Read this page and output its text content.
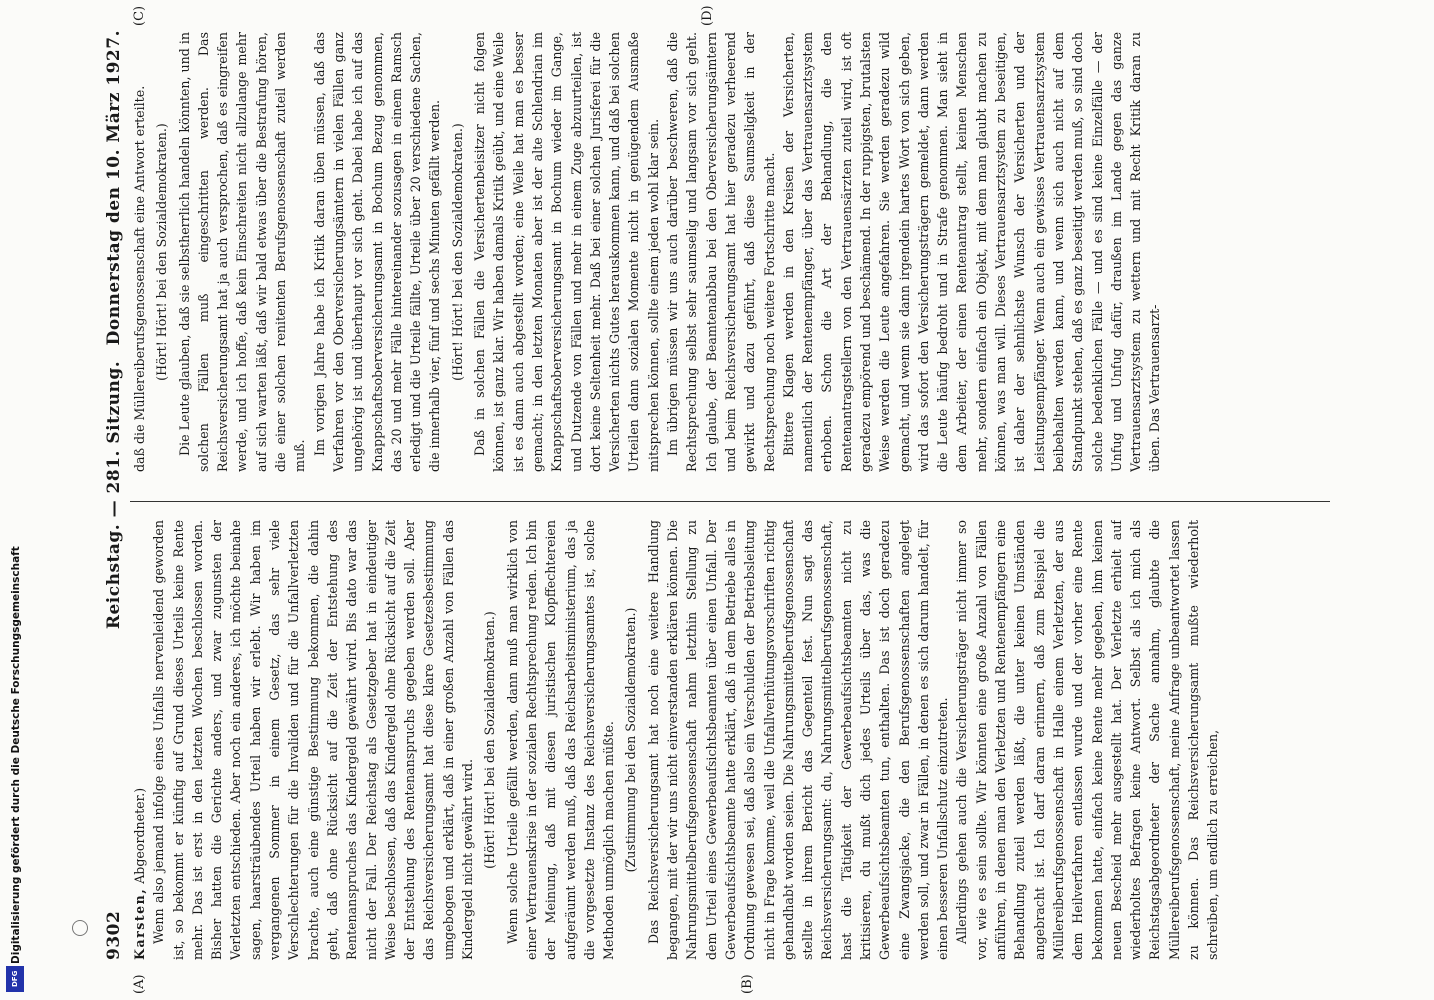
9302
Reichstag. — 281. Sitzung.
Donnerstag den 10. März 1927.
(A)	(B)
(C)	(D)

Karsten, Abgeordneter.) Wenn also jemand infolge eines Unfalls nervenleidend geworden ist, so bekommt er künftig auf Grund dieses Urteils keine Rente mehr. Das ist erst in den letzten Wochen beschlossen worden. Bisher hatten die Gerichte anders, und zwar zugunsten der Verletzten entschieden. Aber noch ein anderes, ich möchte beinahe sagen, haarsträubendes Urteil haben wir erlebt. Wir haben im vergangenen Sommer in einem Gesetz, das sehr viele Verschlechterungen für die Invaliden und für die Unfallverletzten brachte, auch eine günstige Bestimmung bekommen, die dahin geht, daß ohne Rücksicht auf die Zeit der Entstehung des Rentenanspruches das Kindergeld gewährt wird. Bis dato war das nicht der Fall. Der Reichstag als Gesetzgeber hat in eindeutiger Weise beschlossen, daß das Kindergeld ohne Rücksicht auf die Zeit der Entstehung des Rentenanspruchs gegeben werden soll. Aber das Reichsversicherungsamt hat diese klare Gesetzesbestimmung umgebogen und erklärt, daß in einer großen Anzahl von Fällen das Kindergeld nicht gewährt wird. (Hört! Hört! bei den Sozialdemokraten.) Wenn solche Urteile gefällt werden, dann muß man wirklich von einer Vertrauenskrise in der sozialen Rechtsprechung reden. Ich bin der Meinung, daß mit diesen juristischen Klopffechtereien aufgeräumt werden muß, daß das Reichsarbeitsministerium, das ja die vorgesetzte Instanz des Reichsversicherungsamtes ist, solche Methoden unmöglich machen müßte. (Zustimmung bei den Sozialdemokraten.) Das Reichsversicherungsamt hat noch eine weitere Handlung begangen, mit der wir uns nicht einverstanden erklären können. Die Nahrungsmittelberufsgenossenschaft nahm letzthin Stellung zu dem Urteil eines Gewerbeaufsichtsbeamten über einen Unfall. Der Gewerbeaufsichtsbeamte hatte erklärt, daß in dem Betriebe alles in Ordnung gewesen sei, daß also ein Verschulden der Betriebsleitung nicht in Frage komme, weil die Unfallverhütungsvorschriften richtig gehandhabt worden seien. Die Nahrungsmittelberufsgenossenschaft stellte in ihrem Bericht das Gegenteil fest. Nun sagt das Reichsversicherungsamt: du, Nahrungsmittelberufsgenossenschaft, hast die Tätigkeit der Gewerbeaufsichtsbeamten nicht zu kritisieren, du mußt dich jedes Urteils über das, was die Gewerbeaufsichtsbeamten tun, enthalten. Das ist doch geradezu eine Zwangsjacke, die den Berufsgenossenschaften angelegt werden soll, und zwar in Fällen, in denen es sich darum handelt, für einen besseren Unfallschutz einzutreten. Allerdings gehen auch die Versicherungsträger nicht immer so vor, wie es sein sollte. Wir könnten eine große Anzahl von Fällen anführen, in denen man den Verletzten und Rentenempfängern eine Behandlung zuteil werden läßt, die unter keinen Umständen angebracht ist. Ich darf daran erinnern, daß zum Beispiel die Müllereiberufsgenossenschaft in Halle einem Verletzten, der aus dem Heilverfahren entlassen wurde und der vorher eine Rente bekommen hatte, einfach keine Rente mehr gegeben, ihm keinen neuen Bescheid mehr ausgestellt hat. Der Verletzte erhielt auf wiederholtes Befragen keine Antwort. Selbst als ich mich als Reichstagsabgeordneter der Sache annahm, glaubte die Müllereiberufsgenossenschaft, meine Anfrage unbeantwortet lassen zu können. Das Reichsversicherungsamt mußte wiederholt schreiben, um endlich zu erreichen,

daß die Müllereiberufsgenossenschaft eine Antwort erteilte. (Hört! Hört! bei den Sozialdemokraten.) Die Leute glauben, daß sie selbstherrlich handeln könnten, und in solchen Fällen muß eingeschritten werden. Das Reichsversicherungsamt hat ja auch versprochen, daß es eingreifen werde, und ich hoffe, daß kein Einschreiten nicht allzulange mehr auf sich warten läßt, daß wir bald etwas über die Bestrafung hören, die einer solchen renitenten Berufsgenossenschaft zuteil werden muß. Im vorigen Jahre habe ich Kritik daran üben müssen, daß das Verfahren vor den Oberversicherungsämtern in vielen Fällen ganz ungehörig ist und überhaupt vor sich geht. Dabei habe ich auf das Knappschaftsoberversicherungsamt in Bochum Bezug genommen, das 20 und mehr Fälle hintereinander sozusagen in einem Ramsch erledigt und die Urteile fällte, Urteile über 20 verschiedene Sachen, die innerhalb vier, fünf und sechs Minuten gefällt werden. (Hört! Hört! bei den Sozialdemokraten.) Daß in solchen Fällen die Versichertenbeisitzer nicht folgen können, ist ganz klar. Wir haben damals Kritik geübt, und eine Weile ist es dann auch abgestellt worden; eine Weile hat man es besser gemacht; in den letzten Monaten aber ist der alte Schlendrian im Knappschaftsoberversicherungsamt in Bochum wieder im Gange, und Dutzende von Fällen und mehr in einem Zuge abzuurteilen, ist dort keine Seltenheit mehr. Daß bei einer solchen Jurisferei für die Versicherten nichts Gutes herauskommen kann, und daß bei solchen Urteilen dann sozialen Momente nicht in genügendem Ausmaße mitsprechen können, sollte einem jeden wohl klar sein. Im übrigen müssen wir uns auch darüber beschweren, daß die Rechtsprechung selbst sehr saumselig und langsam vor sich geht. Ich glaube, der Beamtenabbau bei den Oberversicherungsämtern und beim Reichsversicherungsamt hat hier geradezu verheerend gewirkt und dazu geführt, daß diese Saumseligkeit in der Rechtsprechung noch weitere Fortschritte macht. Bittere Klagen werden in den Kreisen der Versicherten, namentlich der Rentenempfänger, über das Vertrauensarztsystem erhoben. Schon die Art der Behandlung, die den Rentenantragstellern von den Vertrauensärzten zuteil wird, ist oft geradezu empörend und beschämend. In der ruppigsten, brutalsten Weise werden die Leute angefahren. Sie werden geradezu wild gemacht, und wenn sie dann irgendein hartes Wort von sich geben, wird das sofort den Versicherungsträgern gemeldet, dann werden die Leute häufig bedroht und in Strafe genommen. Man sieht in dem Arbeiter, der einen Rentenantrag stellt, keinen Menschen mehr, sondern einfach ein Objekt, mit dem man glaubt machen zu können, was man will. Dieses Vertrauensarztsystem zu beseitigen, ist daher der sehnlichste Wunsch der Versicherten und der Leistungsempfänger. Wenn auch ein gewisses Vertrauensarztsystem beibehalten werden kann, und wenn sich auch nicht auf dem Standpunkt stehen, daß es ganz beseitigt werden muß, so sind doch solche bedenklichen Fälle — und es sind keine Einzelfälle — der Unfug und Unfug dafür, draußen im Lande gegen das ganze Vertrauensarztsystem zu wettern und mit Recht Kritik daran zu üben. Das Vertrauensarzt-

Digitalisierung gefördert durch die Deutsche Forschungsgemeinschaft
DFG
